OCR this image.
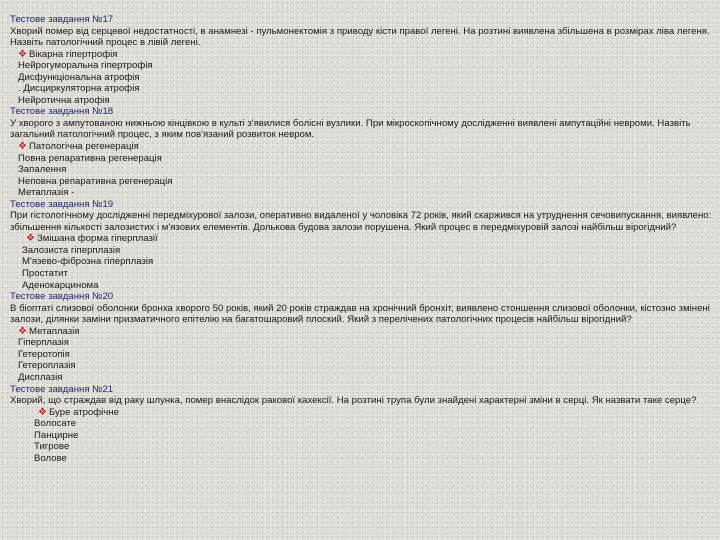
Тестове завдання №17
Хворий помер від серцевої недостатності, в анамнезі - пульмонектомія з приводу кісти правої легені. На розтині виявлена збільшена в розмірах ліва легеня. Назвіть патологічний процес в лівій легені.
❖ Вікарна гіпертрофія
Нейрогуморальна гіпертрофія
Дисфункціональна атрофія
. Дисциркуляторна атрофія
Нейротична атрофія
Тестове завдання №18
У хворого з ампутованою нижньою кінцівкою в культі з'явилися болісні вузлики. При мікроскопічному дослідженні виявлені ампутаційні невроми. Назвіть загальний патологічний процес, з яким пов'язаний розвиток невром.
❖ Патологічна регенерація
Повна репаративна регенерація
Запалення
Неповна репаративна регенерація
Метаплазія -
Тестове завдання №19
При гістологічному дослідженні передміхурової залози, оперативно видаленої у чоловіка 72 років, який скаржився на утруднення сечовипускання, виявлено: збільшення кількості залозистих і м'язових елементів. Долькова будова залози порушена. Який процес в передміхуровій залозі найбільш вірогідний?
❖ Змішана форма гіперплазії
Залозиста гіперплазія
М'язево-фіброзна гіперплазія
Простатит
Аденокарцинома
Тестове завдання №20
В біоптаті слизової оболонки бронха хворого 50 років, який 20 років страждав на хронічний бронхіт, виявлено стоншення слизової оболонки, кістозно змінені залози, ділянки заміни призматичного епітелію на багатошаровий плоский. Який з перелічених патологічних процесів найбільш вірогідний?
❖ Метаплазія
Гіперплазія
Гетеротопія
Гетероплазія
Дисплазія
Тестове завдання №21
Хворий, що страждав від раку шлунка, помер внаслідок ракової кахексії. На розтині трупа були знайдені характерні зміни в серці. Як назвати таке серце?
❖ Буре атрофічне
Волосате
Панцирне
Тигрове
Волове
